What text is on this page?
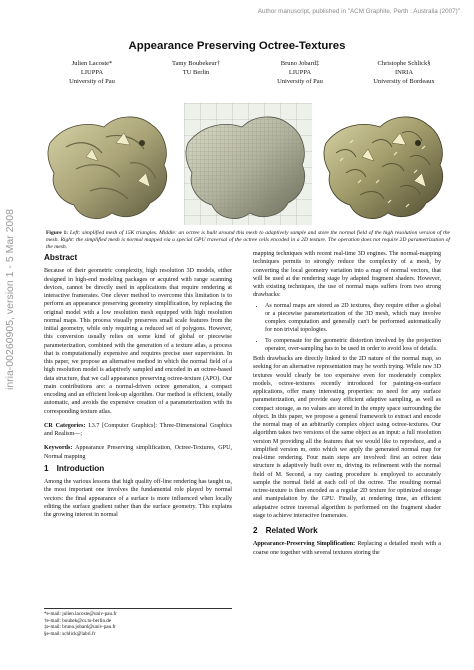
Author manuscript, published in "ACM Graphite, Perth : Australia (2007)"
inria-00260905, version 1 - 5 Mar 2008
Appearance Preserving Octree-Textures
Julien Lacoste*
LIUPPA
University of Pau
Tamy Boubekeur†
TU Berlin
Bruno Jobard‡
LIUPPA
University of Pau
Christophe Schlick§
INRIA
University of Bordeaux
Figure 1: Left: simplified mesh of 15K triangles. Middle: an octree is built around this mesh to adaptively sample and store the normal field of the high resolution version of the mesh. Right: the simplified mesh is normal mapped via a special GPU traversal of the octree cells encoded in a 2D texture. The operation does not require 2D parametrization of the mesh.
Abstract

Because of their geometric complexity, high resolution 3D models, either designed in high-end modeling packages or acquired with range scanning devices, cannot be directly used in applications that require rendering at interactive framerates. One clever method to overcome this limitation is to perform an appearance preserving geometry simplification, by replacing the original model with a low resolution mesh equipped with high resolution normal maps. This process visually preserves small scale features from the initial geometry, while only requiring a reduced set of polygons. However, this conversion usually relies on some kind of global or piecewise parameterization, combined with the generation of a texture atlas, a process that is computationally expensive and requires precise user supervision. In this paper, we propose an alternative method in which the normal field of a high resolution model is adaptively sampled and encoded in an octree-based data structure, that we call appearance preserving octree-texture (APO). Our main contributions are: a normal-driven octree generation, a compact encoding and an efficient look-up algorithm. Our method is efficient, totally automatic, and avoids the expensive creation of a parameterization with its corresponding texture atlas.

CR Categories: I.3.7 [Computer Graphics]: Three-Dimensional Graphics and Realism—;

Keywords: Appearance Preserving simplification, Octree-Textures, GPU, Normal mapping

1 Introduction

Among the various lessons that high quality off-line rendering has taught us, the most important one involves the fundamental role played by normal vectors: the final appearance of a surface is more influenced when locally editing the surface gradient rather than the surface geometry. This explains the growing interest in normal

*e-mail: julien.lacoste@univ-pau.fr
†e-mail: boubek@cs.tu-berlin.de
‡e-mail: bruno.jobard@univ-pau.fr
§e-mail: schlick@labri.fr

mapping techniques with recent real-time 3D engines. The normal-mapping techniques permits to strongly reduce the complexity of a mesh, by converting the local geometry variation into a map of normal vectors, that will be used at the rendering stage by adapted fragment shaders. However, with existing techniques, the use of normal maps suffers from two strong drawbacks:

• As normal maps are stored as 2D textures, they require either a global or a piecewise parameterization of the 3D mesh, which may involve complex computation and generally can't be performed automatically for non trivial topologies.
• To compensate for the geometric distortion involved by the projection operator, over-sampling has to be used in order to avoid loss of details.

Both drawbacks are directly linked to the 2D nature of the normal map, so seeking for an alternative representation may be worth trying. While raw 3D textures would clearly be too expensive even for moderately complex models, octree-textures recently introduced for painting-on-surface applications, offer many interesting properties: no need for any surface parameterization, and provide easy efficient adaptive sampling, as well as compact storage, as no values are stored in the empty space surrounding the object. In this paper, we propose a general framework to extract and encode the normal map of an arbitrarily complex object using octree-textures. Our algorithm takes two versions of the same object as an input: a full resolution version M providing all the features that we would like to reproduce, and a simplified version m, onto which we apply the generated normal map for real-time rendering. Four main steps are involved: first an octree data structure is adaptively built over m, driving its refinement with the normal field of M. Second, a ray casting procedure is employed to accurately sample the normal field at each cell of the octree. The resulting normal octree-texture is then encoded as a regular 2D texture for optimized storage and manipulation by the GPU. Finally, at rendering time, an efficient adaptative octree traversal algorithm is performed on the fragment shader stage to achieve interactive framerates.

2 Related Work

Appearance-Preserving Simplification: Replacing a detailed mesh with a coarse one together with several textures storing the
